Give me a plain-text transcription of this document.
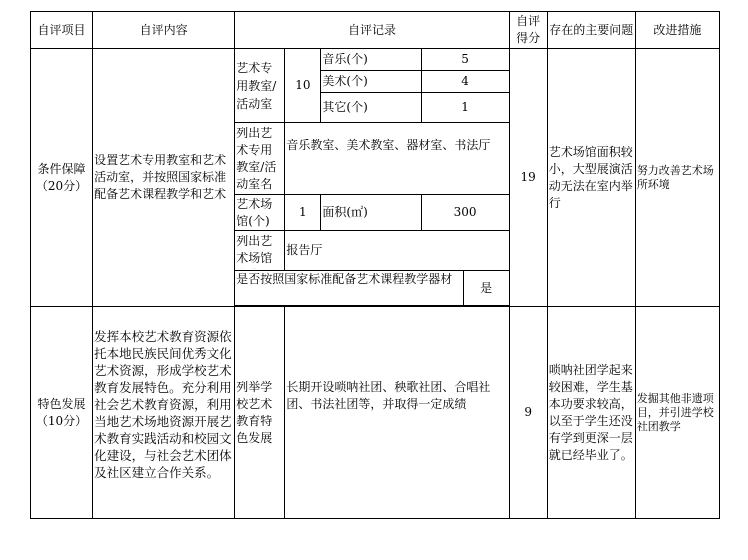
自评项目	自评内容	自评记录					自评得分	存在的主要问题	改进措施
条件保障
（20分）	设置艺术专用教室和艺术活动室，并按照国家标准配备艺术课程教学和艺术	艺术专用教室/活动室	10	音乐(个)	5		19	艺术场馆面积较小，大型展演活动无法在室内举行	努力改善艺术场所环境
				美术(个)	4				
				其它(个)	1				

		列出艺术专用教室/活动室名	音乐教室、美术教室、器材室、书法厅						

		艺术场馆(个)	1	面积(㎡)	300				

		列出艺术场馆	报告厅						

		是否按照国家标准配备艺术课程教学器材				是			

特色发展
（10分）	发挥本校艺术教育资源依托本地民族民间优秀文化艺术资源，形成学校艺术教育发展特色。充分利用社会艺术教育资源，利用当地艺术场地资源开展艺术教育实践活动和校园文化建设，与社会艺术团体及社区建立合作关系。	列举学校艺术教育特色发展	长期开设唢呐社团、秧歌社团、合唱社团、书法社团等，并取得一定成绩				9	唢呐社团学起来较困难，学生基本功要求较高，以至于学生还没有学到更深一层就已经毕业了。	发掘其他非遗项目，并引进学校社团教学
